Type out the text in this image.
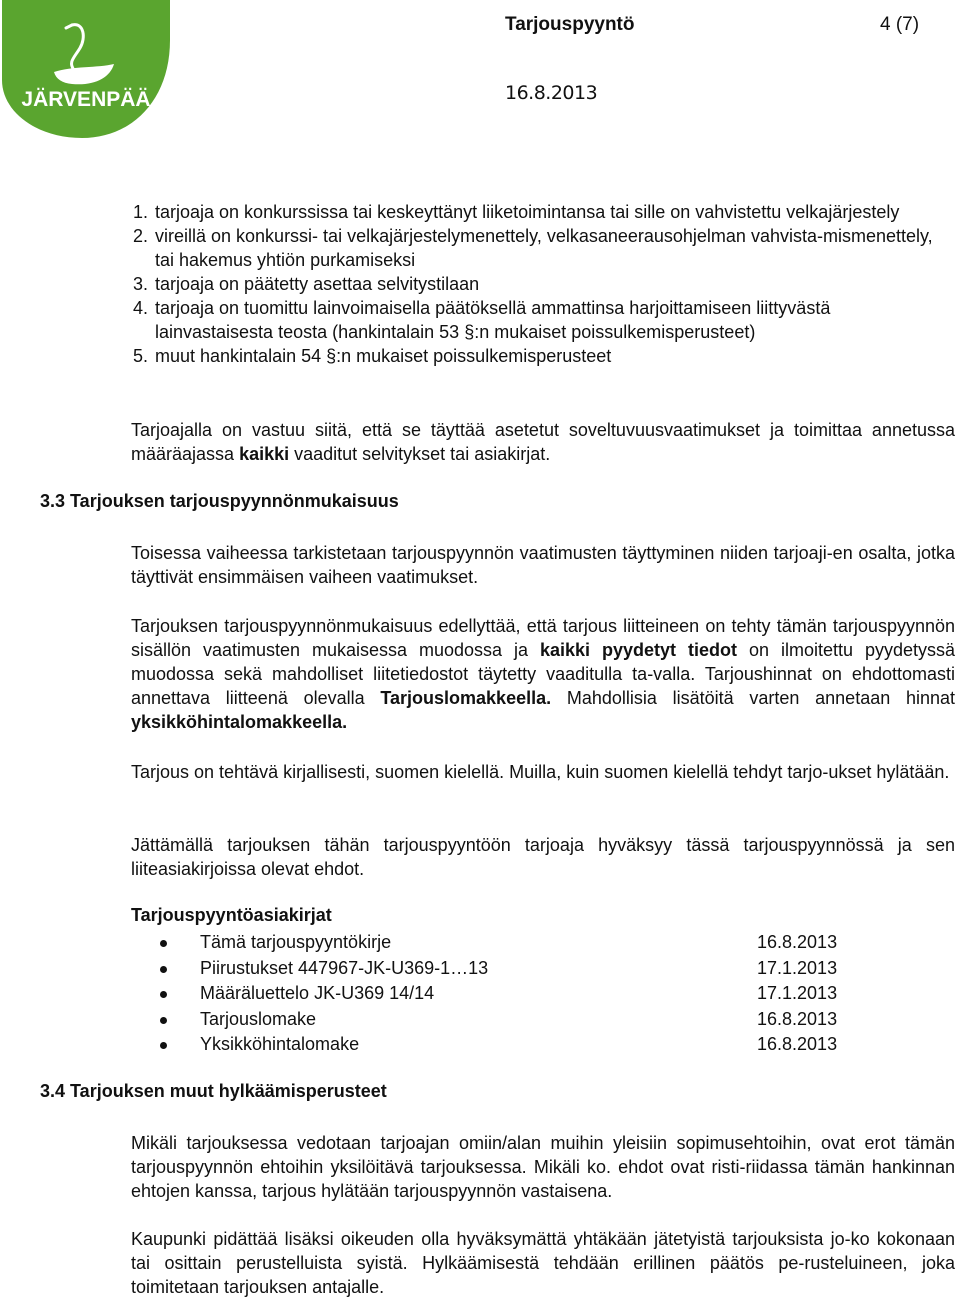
JÄRVENPÄÄ
Tarjouspyyntö	4 (7)
16.8.2013
1. tarjoaja on konkurssissa tai keskeyttänyt liiketoimintansa tai sille on vahvistettu velkajärjestely
2. vireillä on konkurssi- tai velkajärjestelymenettely, velkasaneerausohjelman vahvista-mismenettely, tai hakemus yhtiön purkamiseksi
3. tarjoaja on päätetty asettaa selvitystilaan
4. tarjoaja on tuomittu lainvoimaisella päätöksellä ammattinsa harjoittamiseen liittyvästä lainvastaisesta teosta (hankintalain 53 §:n mukaiset poissulkemisperusteet)
5. muut hankintalain 54 §:n mukaiset poissulkemisperusteet

Tarjoajalla on vastuu siitä, että se täyttää asetetut soveltuvuusvaatimukset ja toimittaa annetussa määräajassa kaikki vaaditut selvitykset tai asiakirjat.

3.3 Tarjouksen tarjouspyynnönmukaisuus

Toisessa vaiheessa tarkistetaan tarjouspyynnön vaatimusten täyttyminen niiden tarjoaji-en osalta, jotka täyttivät ensimmäisen vaiheen vaatimukset.

Tarjouksen tarjouspyynnönmukaisuus edellyttää, että tarjous liitteineen on tehty tämän tarjouspyynnön sisällön vaatimusten mukaisessa muodossa ja kaikki pyydetyt tiedot on ilmoitettu pyydetyssä muodossa sekä mahdolliset liitetiedostot täytetty vaaditulla ta-valla. Tarjoushinnat on ehdottomasti annettava liitteenä olevalla Tarjouslomakkeella. Mahdollisia lisätöitä varten annetaan hinnat yksikköhintalomakkeella.

Tarjous on tehtävä kirjallisesti, suomen kielellä. Muilla, kuin suomen kielellä tehdyt tarjo-ukset hylätään.

Jättämällä tarjouksen tähän tarjouspyyntöön tarjoaja hyväksyy tässä tarjouspyynnössä ja sen liiteasiakirjoissa olevat ehdot.

Tarjouspyyntöasiakirjat
Tämä tarjouspyyntökirje	16.8.2013
Piirustukset 447967-JK-U369-1…13	17.1.2013
Määräluettelo JK-U369 14/14	17.1.2013
Tarjouslomake	16.8.2013
Yksikköhintalomake	16.8.2013
3.4 Tarjouksen muut hylkäämisperusteet

Mikäli tarjouksessa vedotaan tarjoajan omiin/alan muihin yleisiin sopimusehtoihin, ovat erot tämän tarjouspyynnön ehtoihin yksilöitävä tarjouksessa. Mikäli ko. ehdot ovat risti-riidassa tämän hankinnan ehtojen kanssa, tarjous hylätään tarjouspyynnön vastaisena.

Kaupunki pidättää lisäksi oikeuden olla hyväksymättä yhtäkään jätetyistä tarjouksista jo-ko kokonaan tai osittain perustelluista syistä. Hylkäämisestä tehdään erillinen päätös pe-rusteluineen, joka toimitetaan tarjouksen antajalle.
